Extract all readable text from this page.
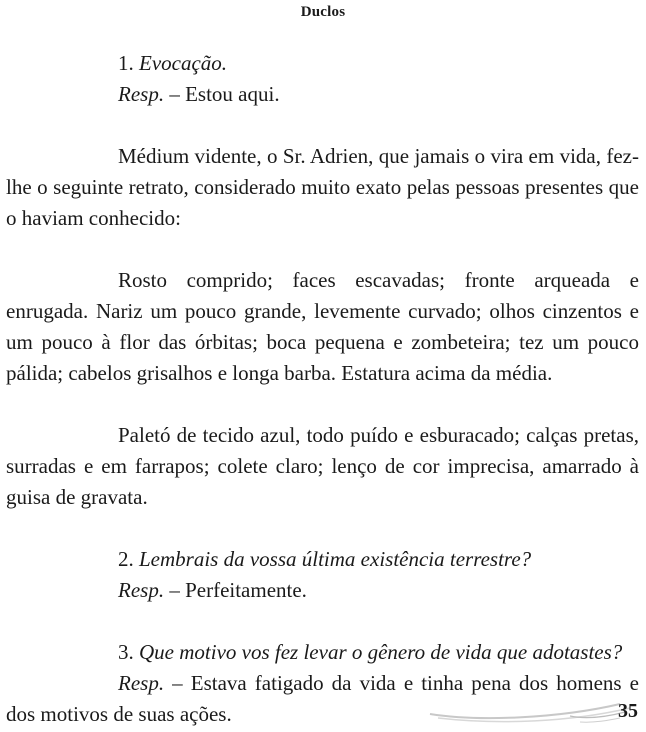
Duclos
1. Evocação.
Resp. – Estou aqui.

Médium vidente, o Sr. Adrien, que jamais o vira em vida, fez-lhe o seguinte retrato, considerado muito exato pelas pessoas presentes que o haviam conhecido:

Rosto comprido; faces escavadas; fronte arqueada e enrugada. Nariz um pouco grande, levemente curvado; olhos cinzentos e um pouco à flor das órbitas; boca pequena e zombeteira; tez um pouco pálida; cabelos grisalhos e longa barba. Estatura acima da média.

Paletó de tecido azul, todo puído e esburacado; calças pretas, surradas e em farrapos; colete claro; lenço de cor imprecisa, amarrado à guisa de gravata.

2. Lembrais da vossa última existência terrestre?
Resp. – Perfeitamente.
3. Que motivo vos fez levar o gênero de vida que adotastes?

Resp. – Estava fatigado da vida e tinha pena dos homens e dos motivos de suas ações.	35
